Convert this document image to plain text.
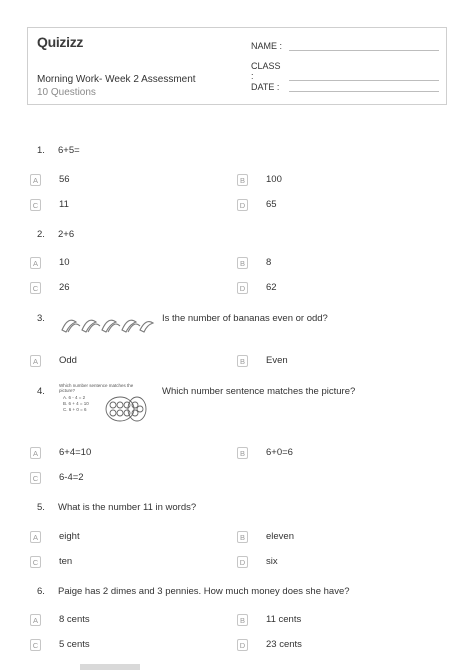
Quizizz
Morning Work- Week 2 Assessment
10 Questions
NAME :
CLASS :
DATE :
1.	6+5=
A	56	B	100
C 11	D 65
2.	2+6
A	10	B	8
C 26	D 62
3.	Is the number of bananas even or odd?
A	Odd	B	Even
4.
Which number sentence matches the picture?
A. 6 - 4 = 2
B. 6 + 4 = 10
C. 6 + 0 = 6
Which number sentence matches the picture?
A	6+4=10	B	6+0=6
C 6-4=2
5.	What is the number 11 in words?
A	eight	B	eleven
C ten	D six
6.	Paige has 2 dimes and 3 pennies. How much money does she have?
A	8 cents	B	11 cents
C 5 cents	D 23 cents
